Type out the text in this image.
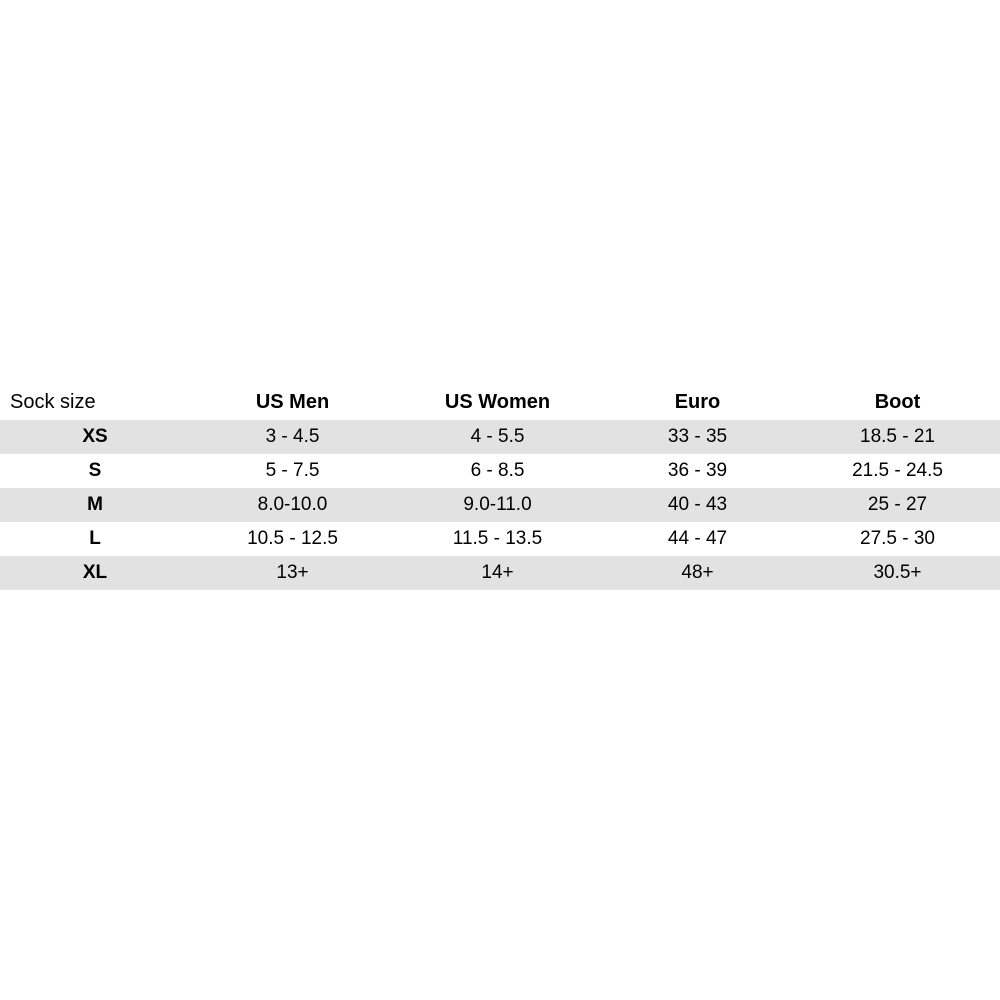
Sock size	US Men	US Women	Euro	Boot
XS	3 - 4.5	4 - 5.5	33 - 35	18.5 - 21
S	5 - 7.5	6 - 8.5	36 - 39	21.5 - 24.5
M	8.0-10.0	9.0-11.0	40 - 43	25 - 27
L	10.5 - 12.5	11.5 - 13.5	44 - 47	27.5 - 30
XL	13+	14+	48+	30.5+
